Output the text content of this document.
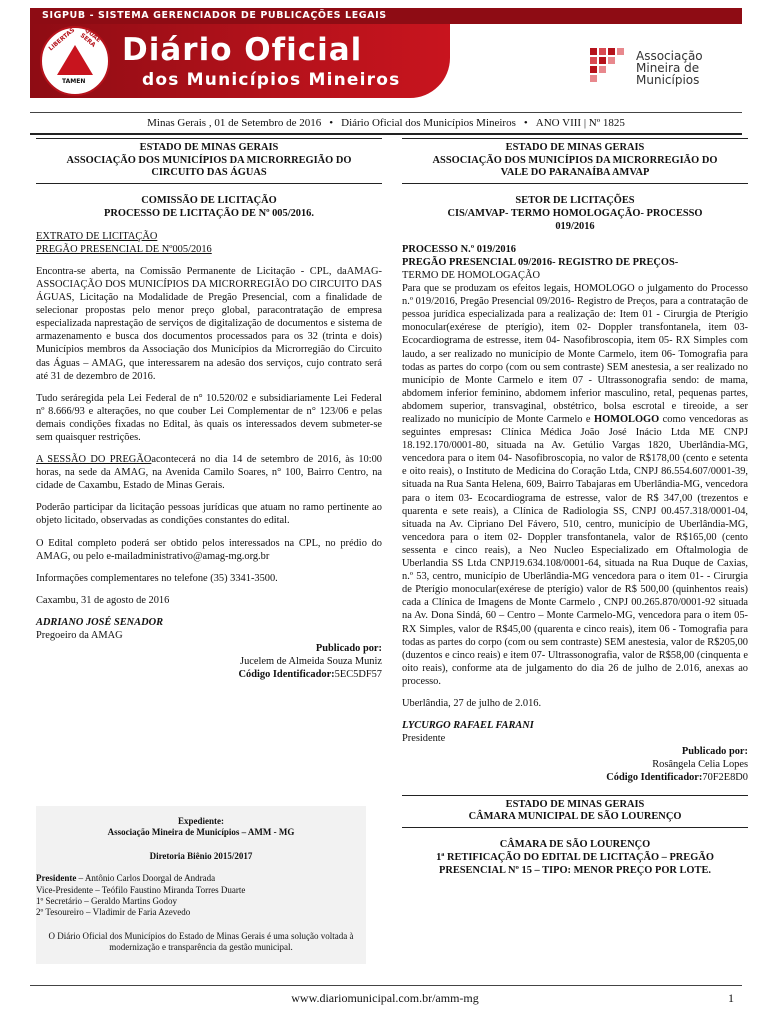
SIGPUB - SISTEMA GERENCIADOR DE PUBLICAÇÕES LEGAIS
LIBERTAS	QUAE SERA
TAMEN
Diário Oficial
dos Municípios Mineiros
Associação
Mineira de
Municípios
Minas Gerais , 01 de Setembro de 2016 • Diário Oficial dos Municípios Mineiros • ANO VIII | Nº 1825
ESTADO DE MINAS GERAIS
ASSOCIAÇÃO DOS MUNICÍPIOS DA MICRORREGIÃO DO
CIRCUITO DAS ÁGUAS
COMISSÃO DE LICITAÇÃO
PROCESSO DE LICITAÇÃO DE Nº 005/2016.

EXTRATO DE LICITAÇÃO

PREGÃO PRESENCIAL DE Nº005/2016

Encontra-se aberta, na Comissão Permanente de Licitação - CPL, daAMAG- ASSOCIAÇÃO DOS MUNICÍPIOS DA MICRORREGIÃO DO CIRCUITO DAS ÁGUAS, Licitação na Modalidade de Pregão Presencial, com a finalidade de selecionar propostas pelo menor preço global, paracontratação de empresa especializada naprestação de serviços de digitalização de documentos e sistema de armazenamento e busca dos documentos processados para os 32 (trinta e dois) Municípios membros da Associação dos Municípios da Microrregião do Circuito das Águas – AMAG, que interessarem na adesão dos serviços, cujo contrato será até 31 de dezembro de 2016.

Tudo seráregida pela Lei Federal de n° 10.520/02 e subsidiariamente Lei Federal nº 8.666/93 e alterações, no que couber Lei Complementar de n° 123/06 e pelas demais condições fixadas no Edital, às quais os interessados devem submeter-se sem quaisquer restrições.

A SESSÃO DO PREGÃOacontecerá no dia 14 de setembro de 2016, às 10:00 horas, na sede da AMAG, na Avenida Camilo Soares, n° 100, Bairro Centro, na cidade de Caxambu, Estado de Minas Gerais.

Poderão participar da licitação pessoas jurídicas que atuam no ramo pertinente ao objeto licitado, observadas as condições constantes do edital.

O Edital completo poderá ser obtido pelos interessados na CPL, no prédio do AMAG, ou pelo e-mailadministrativo@amag-mg.org.br

Informações complementares no telefone (35) 3341-3500.

Caxambu, 31 de agosto de 2016

ADRIANO JOSÉ SENADOR

Pregoeiro da AMAG

Publicado por:

Jucelem de Almeida Souza Muniz

Código Identificador:5EC5DF57

Expediente:
Associação Mineira de Municípios – AMM - MG
Diretoria Biênio 2015/2017
Presidente – Antônio Carlos Doorgal de Andrada
Vice-Presidente – Teófilo Faustino Miranda Torres Duarte
1º Secretário – Geraldo Martins Godoy
2º Tesoureiro – Vladimir de Faria Azevedo
O Diário Oficial dos Municípios do Estado de Minas Gerais é uma solução voltada à modernização e transparência da gestão municipal.
ESTADO DE MINAS GERAIS
ASSOCIAÇÃO DOS MUNICÍPIOS DA MICRORREGIÃO DO
VALE DO PARANAÍBA AMVAP
SETOR DE LICITAÇÕES
CIS/AMVAP- TERMO HOMOLOGAÇÃO- PROCESSO
019/2016

PROCESSO N.º 019/2016

PREGÃO PRESENCIAL 09/2016- REGISTRO DE PREÇOS-

TERMO DE HOMOLOGAÇÃO

Para que se produzam os efeitos legais, HOMOLOGO o julgamento do Processo n.º 019/2016, Pregão Presencial 09/2016- Registro de Preços, para a contratação de pessoa jurídica especializada para a realização de: Item 01 - Cirurgia de Pterígio monocular(exérese de pterígio), item 02- Doppler transfontanela, item 03- Ecocardiograma de estresse, item 04- Nasofibroscopia, item 05- RX Simples com laudo, a ser realizado no município de Monte Carmelo, item 06- Tomografia para todas as partes do corpo (com ou sem contraste) SEM anestesia, a ser realizado no município de Monte Carmelo e item 07 - Ultrassonografia sendo: de mama, abdomem inferior feminino, abdomem inferior masculino, retal, pequenas partes, abdomem superior, transvaginal, obstétrico, bolsa escrotal e tireoide, a ser realizado no município de Monte Carmelo e HOMOLOGO como vencedoras as seguintes empresas: Clínica Médica João José Inácio Ltda ME CNPJ 18.192.170/0001-80, situada na Av. Getúlio Vargas 1820, Uberlândia-MG, vencedora para o item 04- Nasofibroscopia, no valor de R$178,00 (cento e setenta e oito reais), o Instituto de Medicina do Coração Ltda, CNPJ 86.554.607/0001-39, situada na Rua Santa Helena, 609, Bairro Tabajaras em Uberlândia-MG, vencedora para o item 03- Ecocardiograma de estresse, valor de R$ 347,00 (trezentos e quarenta e sete reais), a Clínica de Radiologia SS, CNPJ 00.457.318/0001-04, situada na Av. Cipriano Del Fávero, 510, centro, município de Uberlândia-MG, vencedora para o item 02- Doppler transfontanela, valor de R$165,00 (cento sessenta e cinco reais), a Neo Nucleo Especializado em Oftalmologia de Uberlandia SS Ltda CNPJ19.634.108/0001-64, situada na Rua Duque de Caxias, n.º 53, centro, município de Uberlândia-MG vencedora para o item 01- - Cirurgia de Pterígio monocular(exérese de pterígio) valor de R$ 500,00 (quinhentos reais) cada a Clínica de Imagens de Monte Carmelo , CNPJ 00.265.870/0001-92 situada na Av. Dona Sindá, 60 – Centro – Monte Carmelo-MG, vencedora para o item 05- RX Simples, valor de R$45,00 (quarenta e cinco reais), item 06 - Tomografia para todas as partes do corpo (com ou sem contraste) SEM anestesia, valor de R$205,00 (duzentos e cinco reais) e item 07- Ultrassonografia, valor de R$58,00 (cinquenta e oito reais), conforme ata de julgamento do dia 26 de julho de 2.016, anexas ao processo.

Uberlândia, 27 de julho de 2.016.

LYCURGO RAFAEL FARANI

Presidente

Publicado por:

Rosângela Celia Lopes

Código Identificador:70F2E8D0

ESTADO DE MINAS GERAIS
CÂMARA MUNICIPAL DE SÃO LOURENÇO
CÂMARA DE SÃO LOURENÇO
1ª RETIFICAÇÃO DO EDITAL DE LICITAÇÃO – PREGÃO
PRESENCIAL Nº 15 – TIPO: MENOR PREÇO POR LOTE.
www.diariomunicipal.com.br/amm-mg	1
